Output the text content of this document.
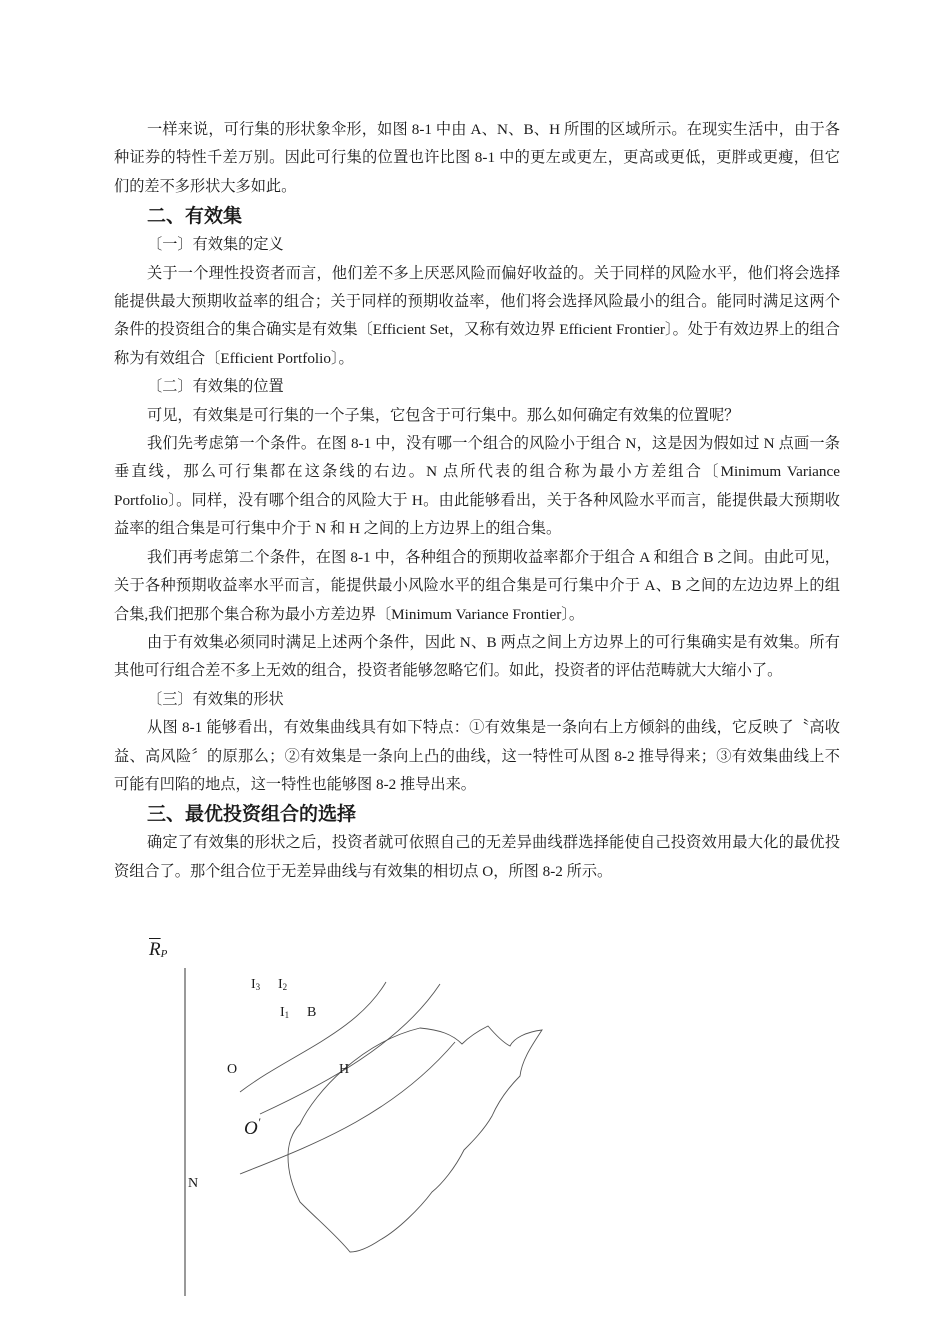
一样来说，可行集的形状象伞形，如图 8-1 中由 A、N、B、H 所围的区域所示。在现实生活中，由于各种证券的特性千差万别。因此可行集的位置也许比图 8-1 中的更左或更左，更高或更低，更胖或更瘦，但它们的差不多形状大多如此。

二、有效集

〔一〕有效集的定义

关于一个理性投资者而言，他们差不多上厌恶风险而偏好收益的。关于同样的风险水平，他们将会选择能提供最大预期收益率的组合；关于同样的预期收益率，他们将会选择风险最小的组合。能同时满足这两个条件的投资组合的集合确实是有效集〔Efficient Set，又称有效边界 Efficient Frontier〕。处于有效边界上的组合称为有效组合〔Efficient Portfolio〕。

〔二〕有效集的位置

可见，有效集是可行集的一个子集，它包含于可行集中。那么如何确定有效集的位置呢？

我们先考虑第一个条件。在图 8-1 中，没有哪一个组合的风险小于组合 N，这是因为假如过 N 点画一条垂直线，那么可行集都在这条线的右边。N 点所代表的组合称为最小方差组合〔Minimum Variance Portfolio〕。同样，没有哪个组合的风险大于 H。由此能够看出，关于各种风险水平而言，能提供最大预期收益率的组合集是可行集中介于 N 和 H 之间的上方边界上的组合集。

我们再考虑第二个条件，在图 8-1 中，各种组合的预期收益率都介于组合 A 和组合 B 之间。由此可见，关于各种预期收益率水平而言，能提供最小风险水平的组合集是可行集中介于 A、B 之间的左边边界上的组合集,我们把那个集合称为最小方差边界〔Minimum Variance Frontier〕。

由于有效集必须同时满足上述两个条件，因此 N、B 两点之间上方边界上的可行集确实是有效集。所有其他可行组合差不多上无效的组合，投资者能够忽略它们。如此，投资者的评估范畴就大大缩小了。

〔三〕有效集的形状

从图 8-1 能够看出，有效集曲线具有如下特点：①有效集是一条向右上方倾斜的曲线，它反映了〝高收益、高风险〞的原那么；②有效集是一条向上凸的曲线，这一特性可从图 8-2 推导得来；③有效集曲线上不可能有凹陷的地点，这一特性也能够图 8-2 推导出来。

三、最优投资组合的选择

确定了有效集的形状之后，投资者就可依照自己的无差异曲线群选择能使自己投资效用最大化的最优投资组合了。那个组合位于无差异曲线与有效集的相切点 O，所图 8-2 所示。

$\overline{R}_P$
$I_3$ $I_2$
$I_1$ B
O	H
O′
N
